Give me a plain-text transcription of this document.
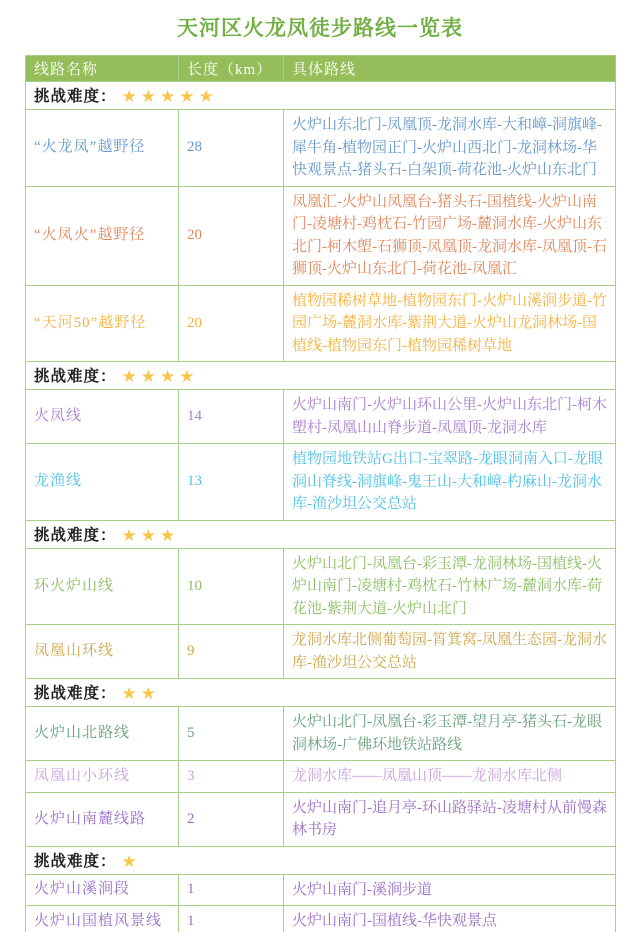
天河区火龙凤徒步路线一览表
线路名称	长度（km）	具体路线
挑战难度： ★★★★★		
“火龙凤”越野径	28	火炉山东北门-凤凰顶-龙洞水库-大和嶂-洞旗峰-犀牛角-植物园正门-火炉山西北门-龙洞林场-华快观景点-猪头石-白架顶-荷花池-火炉山东北门
“火凤火”越野径	20	凤凰汇-火炉山凤凰台-猪头石-国植线-火炉山南门-凌塘村-鸡枕石-竹园广场-麓洞水库-火炉山东北门-柯木塱-石狮顶-凤凰顶-龙洞水库-凤凰顶-石狮顶-火炉山东北门-荷花池-凤凰汇
“天河50”越野径	20	植物园稀树草地-植物园东门-火炉山溪涧步道-竹园广场-麓洞水库-紫荆大道-火炉山龙洞林场-国植线-植物园东门-植物园稀树草地
挑战难度： ★★★★		
火凤线	14	火炉山南门-火炉山环山公里-火炉山东北门-柯木塱村-凤凰山山脊步道-凤凰顶-龙洞水库
龙渔线	13	植物园地铁站G出口-宝翠路-龙眼洞南入口-龙眼洞山脊线-洞旗峰-鬼王山-大和嶂-杓麻山-龙洞水库-渔沙坦公交总站
挑战难度： ★★★		
环火炉山线	10	火炉山北门-凤凰台-彩玉潭-龙洞林场-国植线-火炉山南门-凌塘村-鸡枕石-竹林广场-麓洞水库-荷花池-紫荆大道-火炉山北门
凤凰山环线	9	龙洞水库北侧葡萄园-筲箕窝-凤凰生态园-龙洞水库-渔沙坦公交总站
挑战难度： ★★		
火炉山北路线	5	火炉山北门-凤凰台-彩玉潭-望月亭-猪头石-龙眼洞林场-广佛环地铁站路线
凤凰山小环线	3	龙洞水库——凤凰山顶——龙洞水库北侧
火炉山南麓线路	2	火炉山南门-追月亭-环山路驿站-凌塘村从前慢森林书房
挑战难度： ★		
火炉山溪涧段	1	火炉山南门-溪涧步道
火炉山国植风景线	1	火炉山南门-国植线-华快观景点
